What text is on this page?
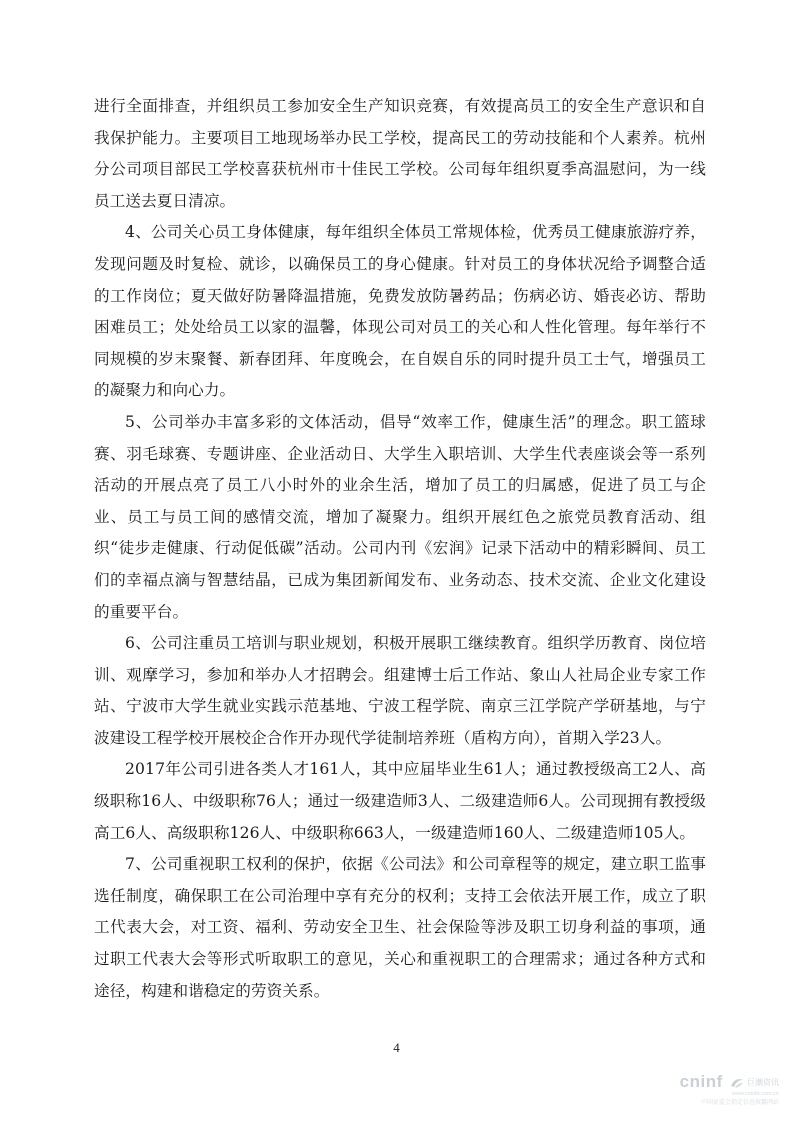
进行全面排查，并组织员工参加安全生产知识竞赛，有效提高员工的安全生产意识和自我保护能力。主要项目工地现场举办民工学校，提高民工的劳动技能和个人素养。杭州分公司项目部民工学校喜获杭州市十佳民工学校。公司每年组织夏季高温慰问，为一线员工送去夏日清凉。

4、公司关心员工身体健康，每年组织全体员工常规体检，优秀员工健康旅游疗养，发现问题及时复检、就诊，以确保员工的身心健康。针对员工的身体状况给予调整合适的工作岗位；夏天做好防暑降温措施，免费发放防暑药品；伤病必访、婚丧必访、帮助困难员工；处处给员工以家的温馨，体现公司对员工的关心和人性化管理。每年举行不同规模的岁末聚餐、新春团拜、年度晚会，在自娱自乐的同时提升员工士气，增强员工的凝聚力和向心力。

5、公司举办丰富多彩的文体活动，倡导“效率工作，健康生活”的理念。职工篮球赛、羽毛球赛、专题讲座、企业活动日、大学生入职培训、大学生代表座谈会等一系列活动的开展点亮了员工八小时外的业余生活，增加了员工的归属感，促进了员工与企业、员工与员工间的感情交流，增加了凝聚力。组织开展红色之旅党员教育活动、组织“徒步走健康、行动促低碳”活动。公司内刊《宏润》记录下活动中的精彩瞬间、员工们的幸福点滴与智慧结晶，已成为集团新闻发布、业务动态、技术交流、企业文化建设的重要平台。

6、公司注重员工培训与职业规划，积极开展职工继续教育。组织学历教育、岗位培训、观摩学习，参加和举办人才招聘会。组建博士后工作站、象山人社局企业专家工作站、宁波市大学生就业实践示范基地、宁波工程学院、南京三江学院产学研基地，与宁波建设工程学校开展校企合作开办现代学徒制培养班（盾构方向），首期入学23人。

2017年公司引进各类人才161人，其中应届毕业生61人；通过教授级高工2人、高级职称16人、中级职称76人；通过一级建造师3人、二级建造师6人。公司现拥有教授级高工6人、高级职称126人、中级职称663人，一级建造师160人、二级建造师105人。

7、公司重视职工权利的保护，依据《公司法》和公司章程等的规定，建立职工监事选任制度，确保职工在公司治理中享有充分的权利；支持工会依法开展工作，成立了职工代表大会，对工资、福利、劳动安全卫生、社会保险等涉及职工切身利益的事项，通过职工代表大会等形式听取职工的意见，关心和重视职工的合理需求；通过各种方式和途径，构建和谐稳定的劳资关系。

4
cninf	巨潮资讯
www.cninfo.com.cn
中国证监会指定信息披露网站
